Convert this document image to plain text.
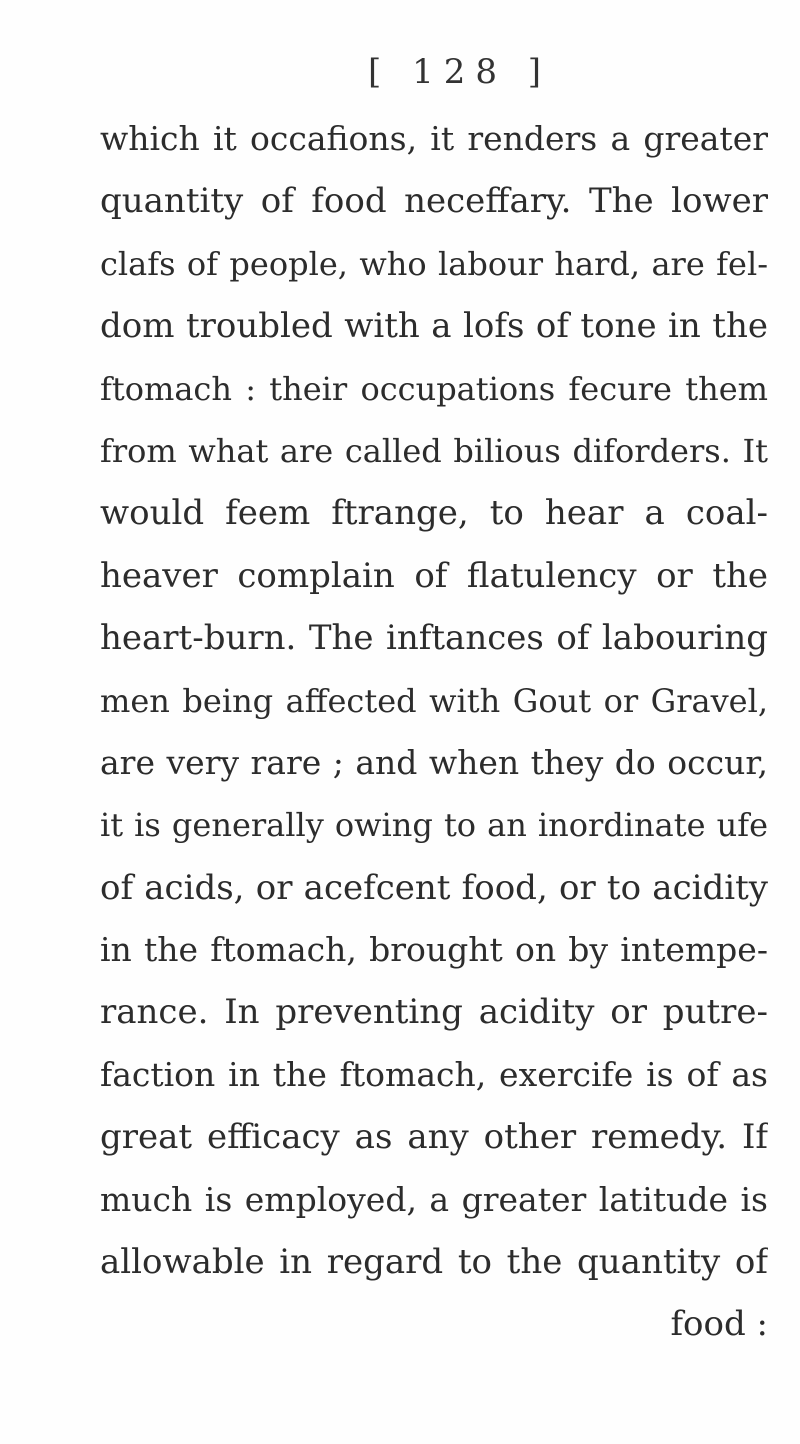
[ 128 ]
which it occafions, it renders a greater
quantity of food neceffary. The lower
clafs of people, who labour hard, are fel-
dom troubled with a lofs of tone in the
ftomach : their occupations fecure them
from what are called bilious diforders. It
would feem ftrange, to hear a coal-
heaver complain of flatulency or the
heart-burn. The inftances of labouring
men being affected with Gout or Gravel,
are very rare ; and when they do occur,
it is generally owing to an inordinate ufe
of acids, or acefcent food, or to acidity
in the ftomach, brought on by intempe-
rance. In preventing acidity or putre-
faction in the ftomach, exercife is of as
great efficacy as any other remedy. If
much is employed, a greater latitude is
allowable in regard to the quantity of
food :
